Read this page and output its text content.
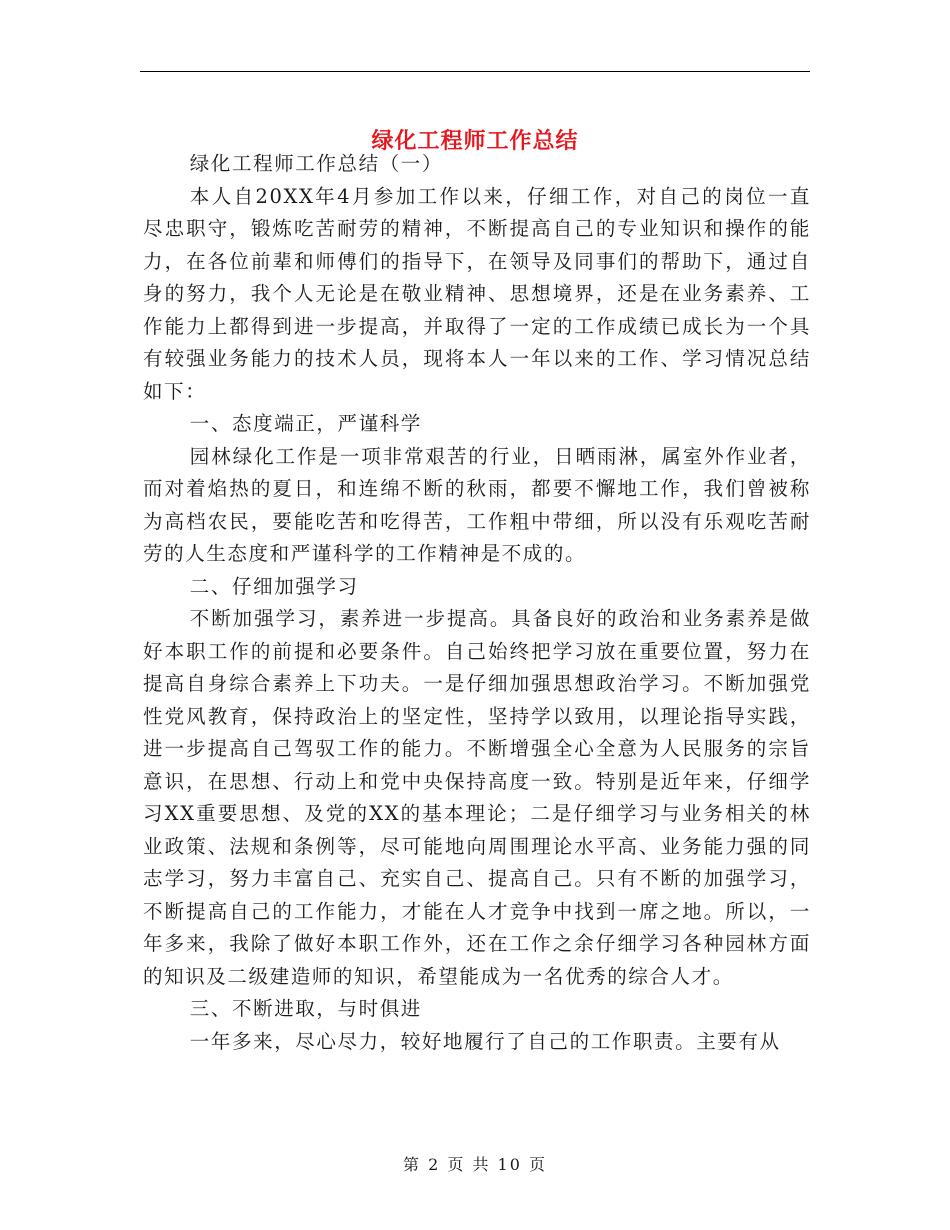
绿化工程师工作总结

绿化工程师工作总结（一）

本人自20XX年4月参加工作以来，仔细工作，对自己的岗位一直尽忠职守，锻炼吃苦耐劳的精神，不断提高自己的专业知识和操作的能力，在各位前辈和师傅们的指导下，在领导及同事们的帮助下，通过自身的努力，我个人无论是在敬业精神、思想境界，还是在业务素养、工作能力上都得到进一步提高，并取得了一定的工作成绩已成长为一个具有较强业务能力的技术人员，现将本人一年以来的工作、学习情况总结如下：

一、态度端正，严谨科学

园林绿化工作是一项非常艰苦的行业，日晒雨淋，属室外作业者，而对着焰热的夏日，和连绵不断的秋雨，都要不懈地工作，我们曾被称为高档农民，要能吃苦和吃得苦，工作粗中带细，所以没有乐观吃苦耐劳的人生态度和严谨科学的工作精神是不成的。

二、仔细加强学习

不断加强学习，素养进一步提高。具备良好的政治和业务素养是做好本职工作的前提和必要条件。自己始终把学习放在重要位置，努力在提高自身综合素养上下功夫。一是仔细加强思想政治学习。不断加强党性党风教育，保持政治上的坚定性，坚持学以致用，以理论指导实践，进一步提高自己驾驭工作的能力。不断增强全心全意为人民服务的宗旨意识，在思想、行动上和党中央保持高度一致。特别是近年来，仔细学习XX重要思想、及党的XX的基本理论；二是仔细学习与业务相关的林业政策、法规和条例等，尽可能地向周围理论水平高、业务能力强的同志学习，努力丰富自己、充实自己、提高自己。只有不断的加强学习，不断提高自己的工作能力，才能在人才竞争中找到一席之地。所以，一年多来，我除了做好本职工作外，还在工作之余仔细学习各种园林方面的知识及二级建造师的知识，希望能成为一名优秀的综合人才。

三、不断进取，与时俱进

一年多来，尽心尽力，较好地履行了自己的工作职责。主要有从

第 2 页 共 10 页
